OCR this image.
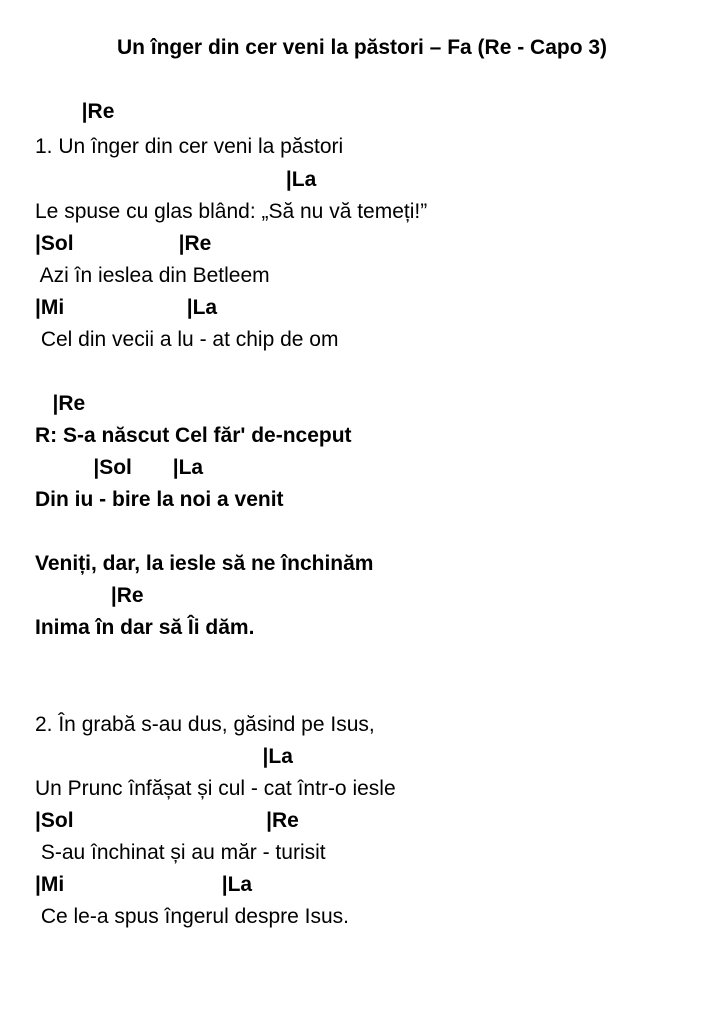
Un înger din cer veni la păstori – Fa (Re - Capo 3)
|Re
1. Un înger din cer veni la păstori
|La
Le spuse cu glas blând: „Să nu vă temeți!”
|Sol                  |Re
Azi în ieslea din Betleem
|Mi                     |La
Cel din vecii a lu - at chip de om
|Re
R: S-a născut Cel făr' de-nceput
|Sol       |La
Din iu - bire la noi a venit
Veniți, dar, la iesle să ne închinăm
|Re
Inima în dar să Îi dăm.
2. În grabă s-au dus, găsind pe Isus,
|La
Un Prunc înfășat și cul - cat într-o iesle
|Sol                                 |Re
S-au închinat și au măr - turisit
|Mi                           |La
Ce le-a spus îngerul despre Isus.
